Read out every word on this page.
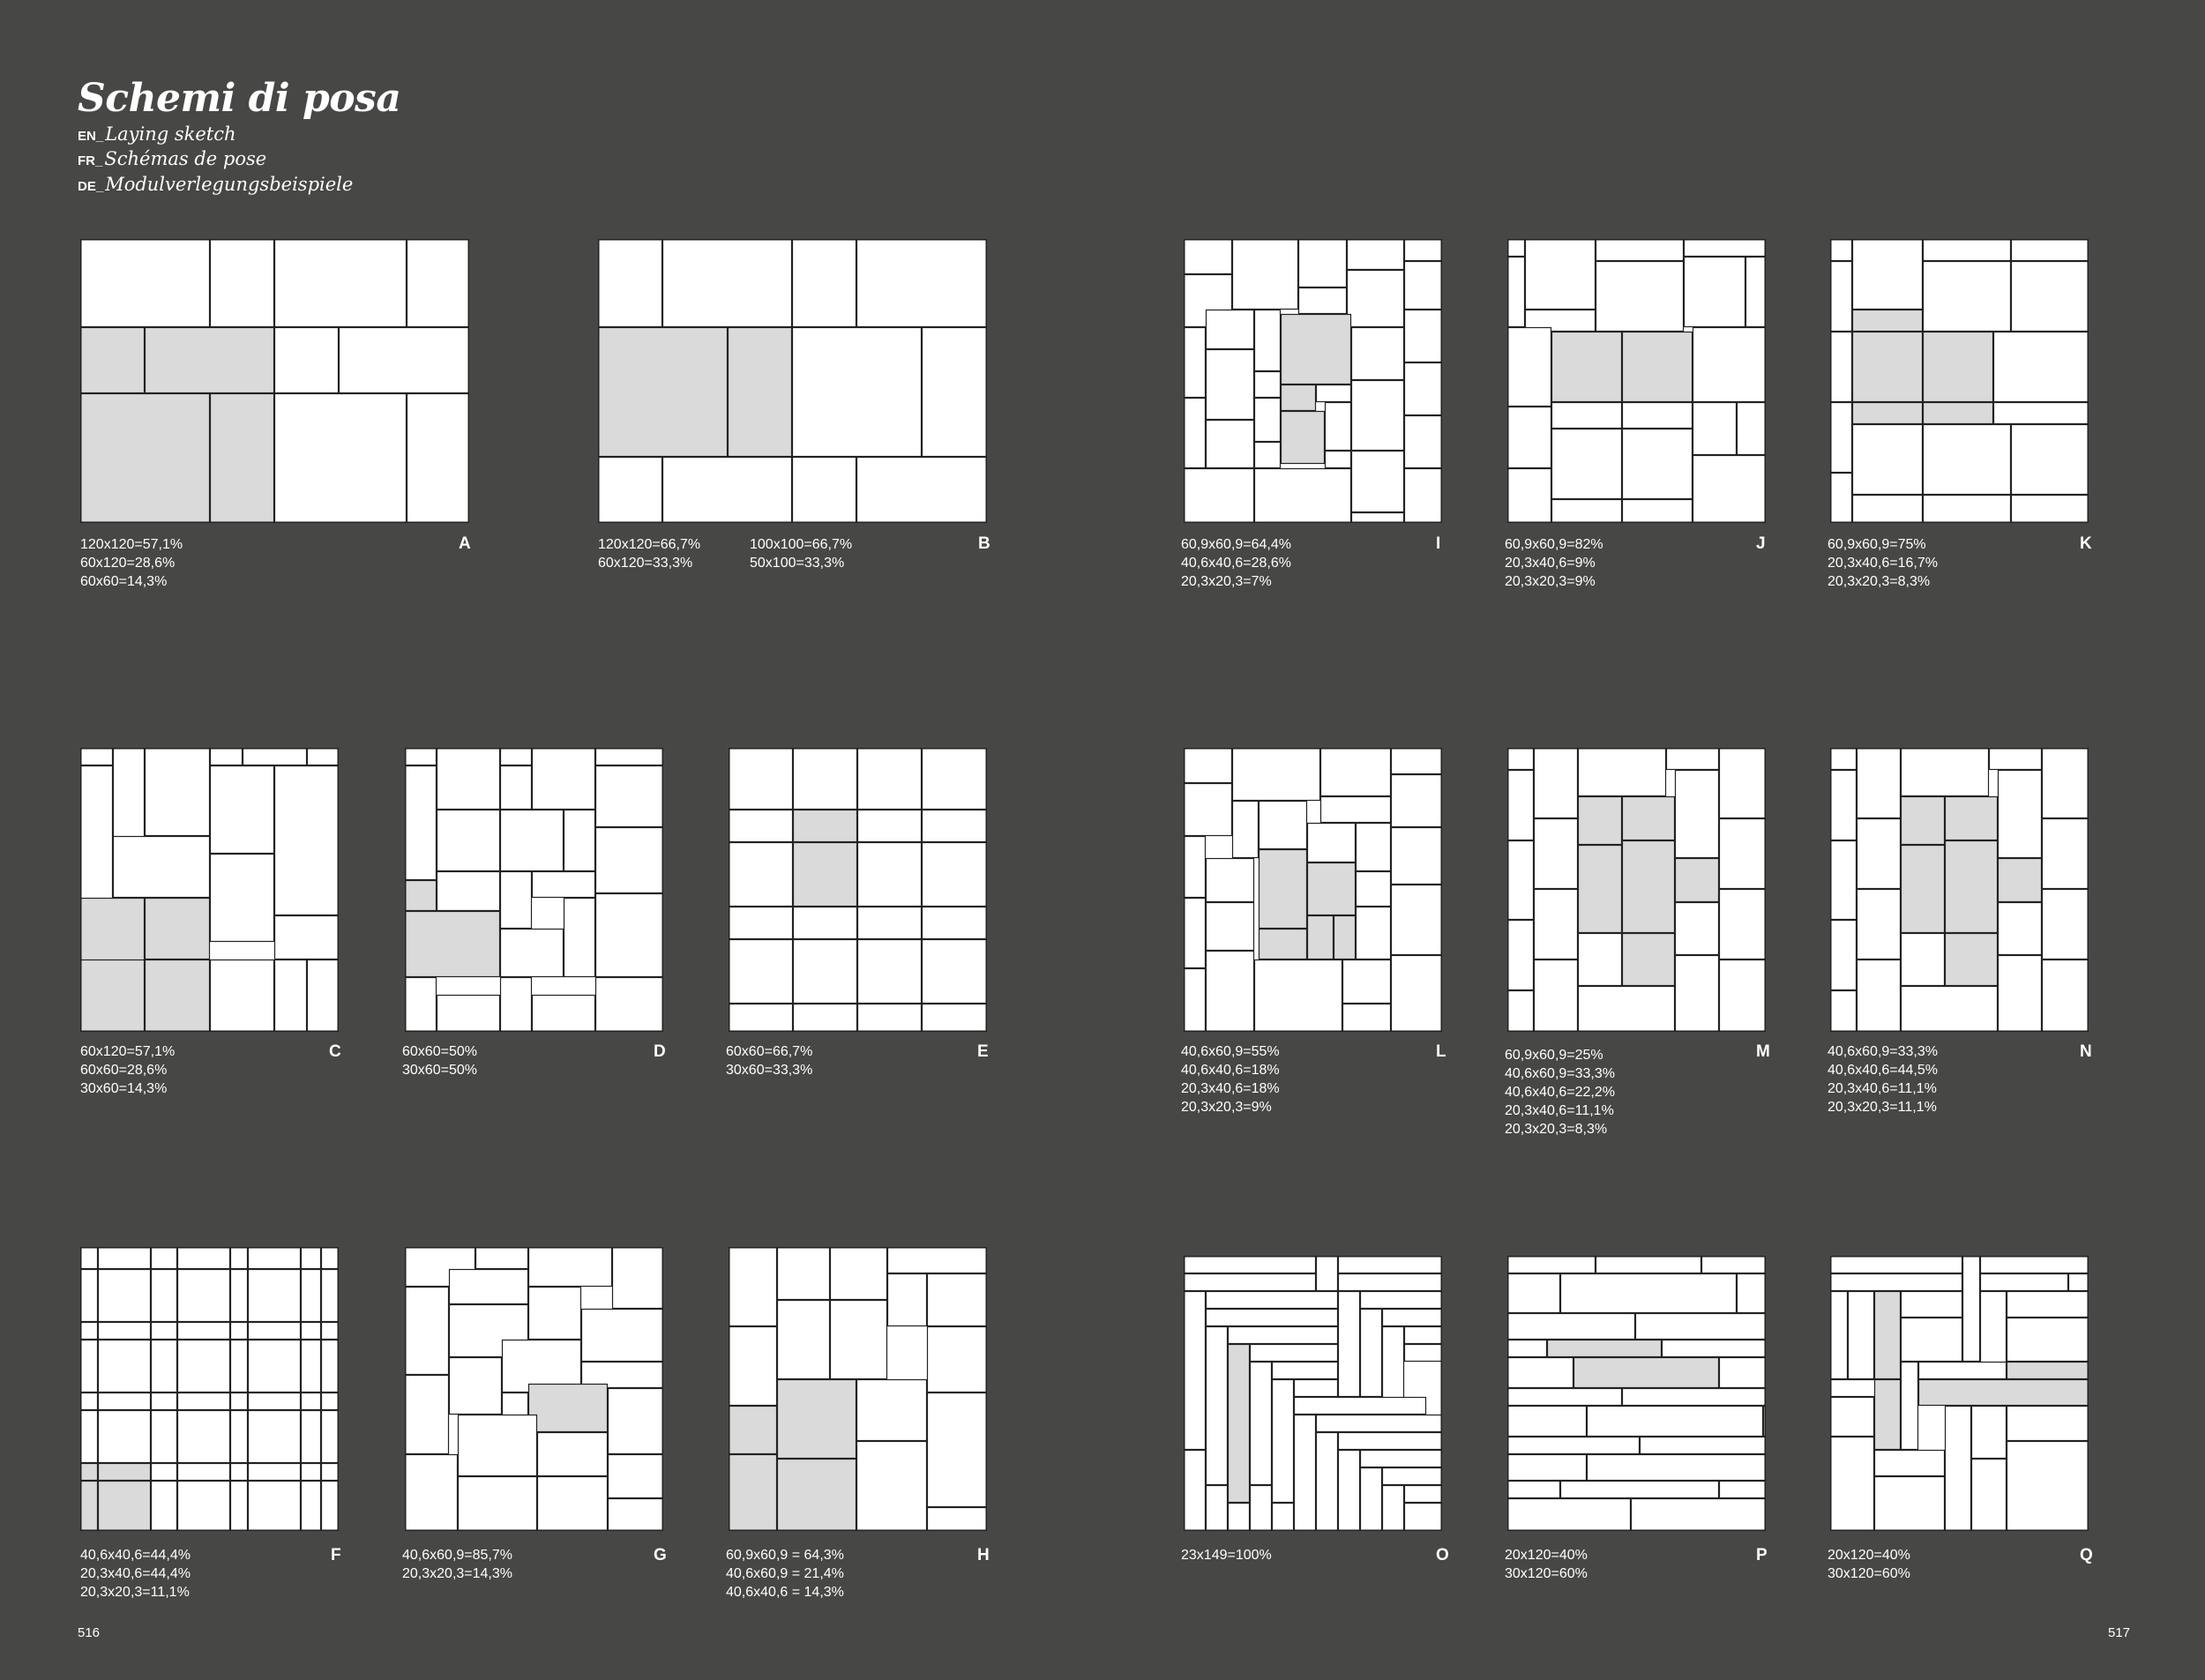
Schemi di posa
EN_Laying sketch
FR_Schémas de pose
DE_Modulverlegungsbeispiele
A
120x120=57,1%
60x120=28,6%
60x60=14,3%
B
120x120=66,7%
60x120=33,3%
100x100=66,7%
50x100=33,3%
C
60x120=57,1%
60x60=28,6%
30x60=14,3%
D
60x60=50%
30x60=50%
E
60x60=66,7%
30x60=33,3%
F
40,6x40,6=44,4%
20,3x40,6=44,4%
20,3x20,3=11,1%
G
40,6x60,9=85,7%
20,3x20,3=14,3%
H
60,9x60,9 = 64,3%
40,6x60,9 = 21,4%
40,6x40,6 = 14,3%
I
60,9x60,9=64,4%
40,6x40,6=28,6%
20,3x20,3=7%
J
60,9x60,9=82%
20,3x40,6=9%
20,3x20,3=9%
K
60,9x60,9=75%
20,3x40,6=16,7%
20,3x20,3=8,3%
L
40,6x60,9=55%
40,6x40,6=18%
20,3x40,6=18%
20,3x20,3=9%
M
60,9x60,9=25%
40,6x60,9=33,3%
40,6x40,6=22,2%
20,3x40,6=11,1%
20,3x20,3=8,3%
N
40,6x60,9=33,3%
40,6x40,6=44,5%
20,3x40,6=11,1%
20,3x20,3=11,1%
O
23x149=100%	P
20x120=40%
30x120=60%
Q
20x120=40%
30x120=60%
516	517
